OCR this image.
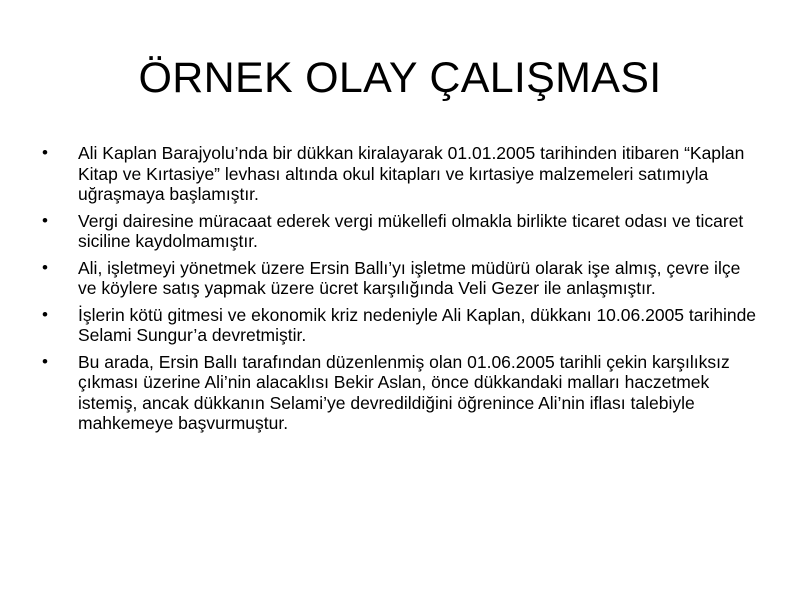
ÖRNEK OLAY ÇALIŞMASI
• Ali Kaplan Barajyolu’nda bir dükkan kiralayarak 01.01.2005 tarihinden itibaren “Kaplan Kitap ve Kırtasiye” levhası altında okul kitapları ve kırtasiye malzemeleri satımıyla uğraşmaya başlamıştır.
• Vergi dairesine müracaat ederek vergi mükellefi olmakla birlikte ticaret odası ve ticaret siciline kaydolmamıştır.
• Ali, işletmeyi yönetmek üzere Ersin Ballı’yı işletme müdürü olarak işe almış, çevre ilçe ve köylere satış yapmak üzere ücret karşılığında Veli Gezer ile anlaşmıştır.
• İşlerin kötü gitmesi ve ekonomik kriz nedeniyle Ali Kaplan, dükkanı 10.06.2005 tarihinde Selami Sungur’a devretmiştir.
• Bu arada, Ersin Ballı tarafından düzenlenmiş olan 01.06.2005 tarihli çekin karşılıksız çıkması üzerine Ali’nin alacaklısı Bekir Aslan, önce dükkandaki malları haczetmek istemiş, ancak dükkanın Selami’ye devredildiğini öğrenince Ali’nin iflası talebiyle mahkemeye başvurmuştur.
